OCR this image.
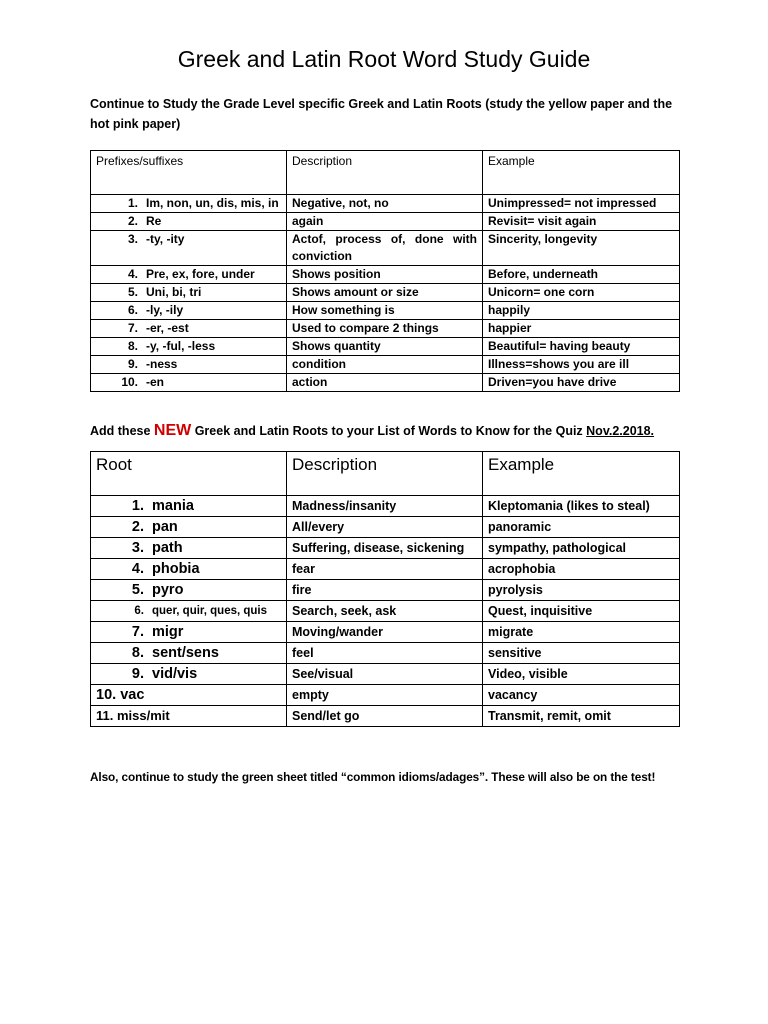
Greek and Latin Root Word Study Guide
Continue to Study the Grade Level specific Greek and Latin Roots (study the yellow paper and the hot pink paper)
Prefixes/suffixes	Description	Example
1. Im, non, un, dis, mis, in	Negative, not, no	Unimpressed= not impressed
2. Re	again	Revisit= visit again
3. -ty, -ity	Actof, process of, done with conviction	Sincerity, longevity
4. Pre, ex, fore, under	Shows position	Before, underneath
5. Uni, bi, tri	Shows amount or size	Unicorn= one corn
6. -ly, -ily	How something is	happily
7. -er, -est	Used to compare 2 things	happier
8. -y, -ful, -less	Shows quantity	Beautiful= having beauty
9. -ness	condition	Illness=shows you are ill
10. -en	action	Driven=you have drive
Add these NEW Greek and Latin Roots to your List of Words to Know for the Quiz Nov.2.2018.
Root	Description	Example
1. mania	Madness/insanity	Kleptomania (likes to steal)
2. pan	All/every	panoramic
3. path	Suffering, disease, sickening	sympathy, pathological
4. phobia	fear	acrophobia
5. pyro	fire	pyrolysis
6. quer, quir, ques, quis	Search, seek, ask	Quest, inquisitive
7. migr	Moving/wander	migrate
8. sent/sens	feel	sensitive
9. vid/vis	See/visual	Video, visible
10. vac	empty	vacancy
11. miss/mit	Send/let go	Transmit, remit, omit
Also, continue to study the green sheet titled “common idioms/adages”. These will also be on the test!
